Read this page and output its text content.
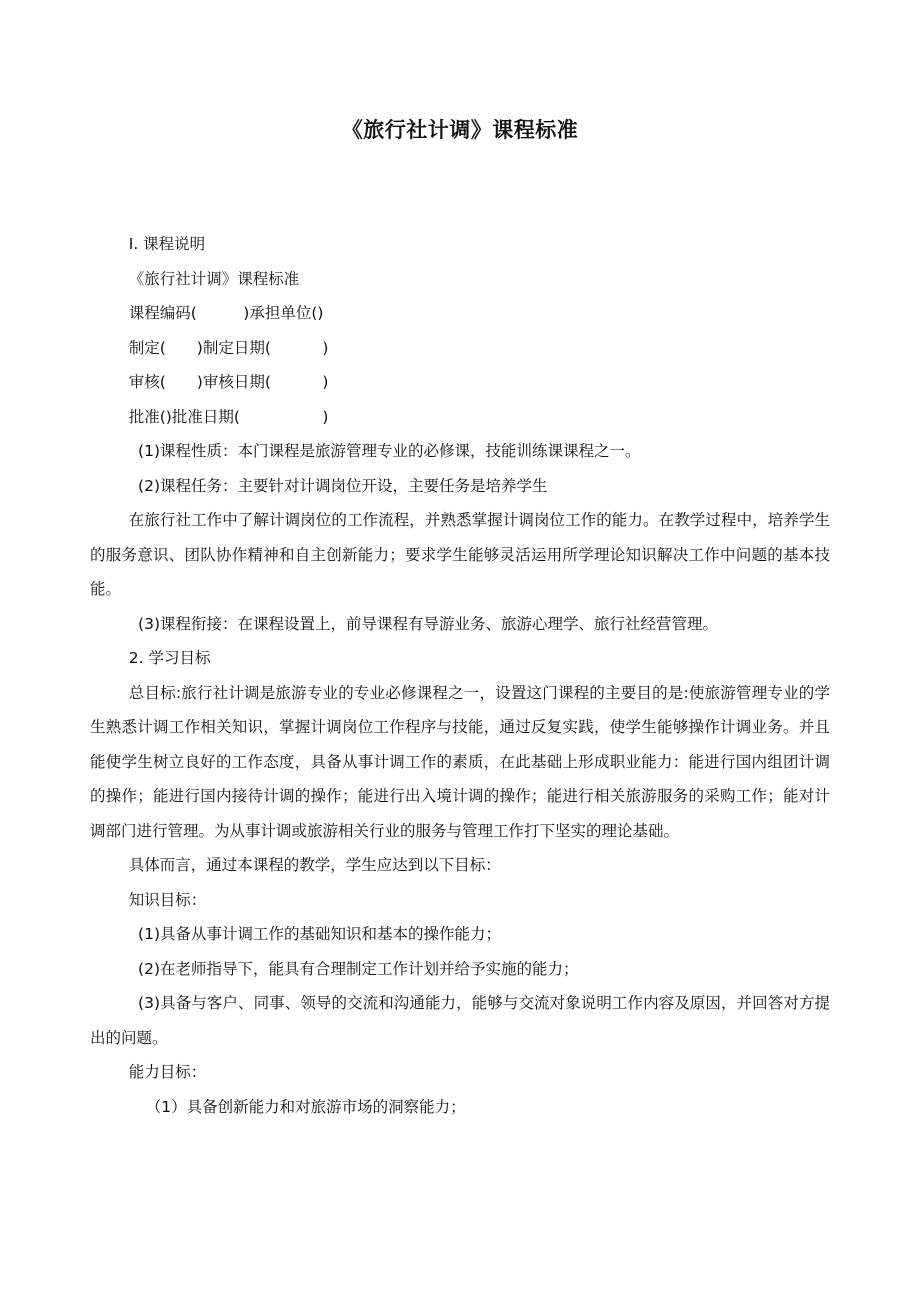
《旅行社计调》课程标准

I. 课程说明

《旅行社计调》课程标准

课程编码(　　　)承担单位()

制定(　　)制定日期(　　　 )

审核(　　)审核日期(　　　 )

批准()批准日期(　　　　　 )

(1)课程性质：本门课程是旅游管理专业的必修课，技能训练课课程之一。

(2)课程任务：主要针对计调岗位开设，主要任务是培养学生

在旅行社工作中了解计调岗位的工作流程，并熟悉掌握计调岗位工作的能力。在教学过程中，培养学生的服务意识、团队协作精神和自主创新能力；要求学生能够灵活运用所学理论知识解决工作中问题的基本技能。

(3)课程衔接：在课程设置上，前导课程有导游业务、旅游心理学、旅行社经营管理。

2. 学习目标

总目标:旅行社计调是旅游专业的专业必修课程之一，设置这门课程的主要目的是:使旅游管理专业的学生熟悉计调工作相关知识，掌握计调岗位工作程序与技能，通过反复实践，使学生能够操作计调业务。并且能使学生树立良好的工作态度，具备从事计调工作的素质，在此基础上形成职业能力：能进行国内组团计调的操作；能进行国内接待计调的操作；能进行出入境计调的操作；能进行相关旅游服务的采购工作；能对计调部门进行管理。为从事计调或旅游相关行业的服务与管理工作打下坚实的理论基础。

具体而言，通过本课程的教学，学生应达到以下目标：

知识目标：

(1)具备从事计调工作的基础知识和基本的操作能力；

(2)在老师指导下，能具有合理制定工作计划并给予实施的能力；

(3)具备与客户、同事、领导的交流和沟通能力，能够与交流对象说明工作内容及原因，并回答对方提出的问题。

能力目标：

（1）具备创新能力和对旅游市场的洞察能力；
